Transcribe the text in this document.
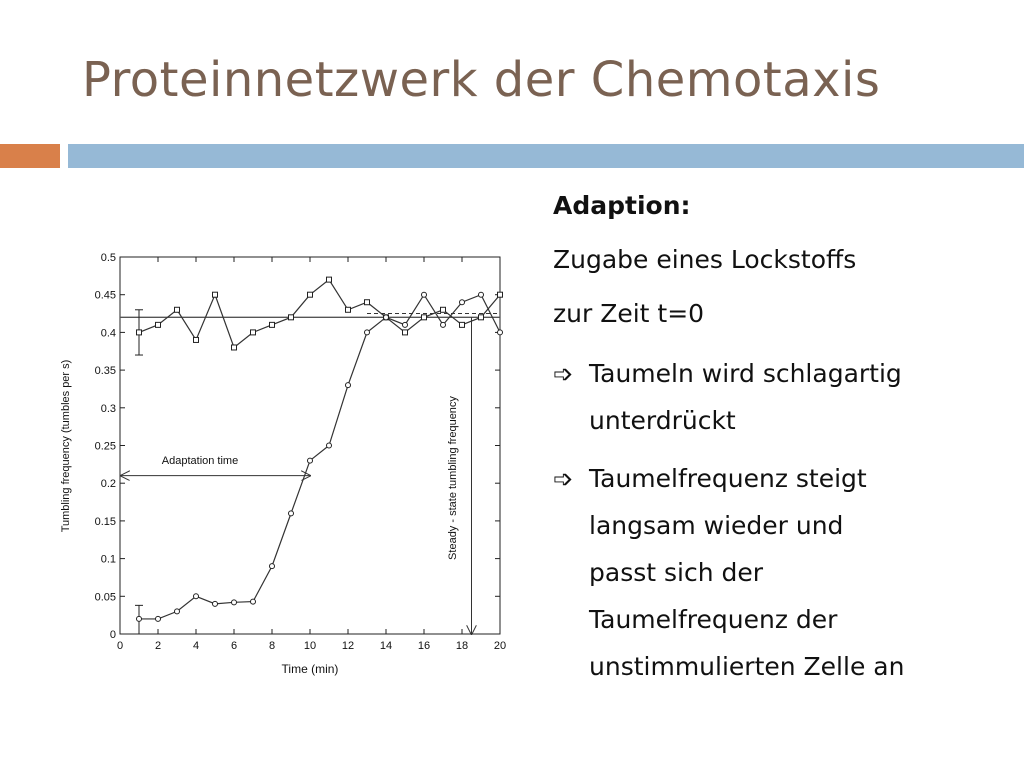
Proteinnetzwerk der Chemotaxis
Tumbling frequency (tumbles per s)
Time (min)
Adaptation time	Steady - state tumbling frequency
0	2	4	6	8	10 12 14 16 18 20
0
0.05
0.1
0.15
0.2
0.25
0.3
0.35
0.4
0.45
0.5
Adaption:
Zugabe eines Lockstoffs
zur Zeit t=0
➩ Taumeln wird schlagartig unterdrückt
➩ Taumelfrequenz steigt
langsam wieder und
passt sich der
Taumelfrequenz der
unstimmulierten Zelle an
